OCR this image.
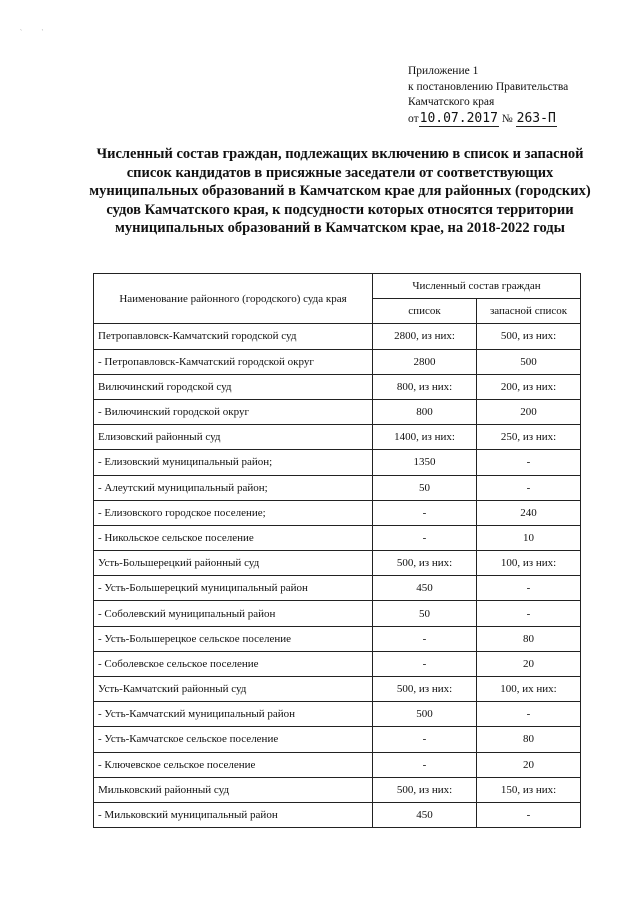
`	`
Приложение 1
к постановлению Правительства
Камчатского края
от10.07.2017 № 263-П
Численный состав граждан, подлежащих включению в список и запасной список кандидатов в присяжные заседатели от соответствующих муниципальных образований в Камчатском крае для районных (городских) судов Камчатского края, к подсудности которых относятся территории муниципальных образований в Камчатском крае, на 2018-2022 годы
Наименование районного (городского) суда края	Численный состав граждан	
	список	запасной список
Петропавловск-Камчатский городской суд	2800, из них:	500, из них:
- Петропавловск-Камчатский городской округ	2800	500
Вилючинский городской суд	800, из них:	200, из них:
- Вилючинский городской округ	800	200
Елизовский районный суд	1400, из них:	250, из них:
- Елизовский муниципальный район;	1350	-
- Алеутский муниципальный район;	50	-
- Елизовского городское поселение;	-	240
- Никольское сельское поселение	-	10
Усть-Большерецкий районный суд	500, из них:	100, из них:
- Усть-Большерецкий муниципальный район	450	-
- Соболевский муниципальный район	50	-
- Усть-Большерецкое сельское поселение	-	80
- Соболевское сельское поселение	-	20
Усть-Камчатский районный суд	500, из них:	100, их них:
- Усть-Камчатский муниципальный район	500	-
- Усть-Камчатское сельское поселение	-	80
- Ключевское сельское поселение	-	20
Мильковский районный суд	500, из них:	150, из них:
- Мильковский муниципальный район	450	-
